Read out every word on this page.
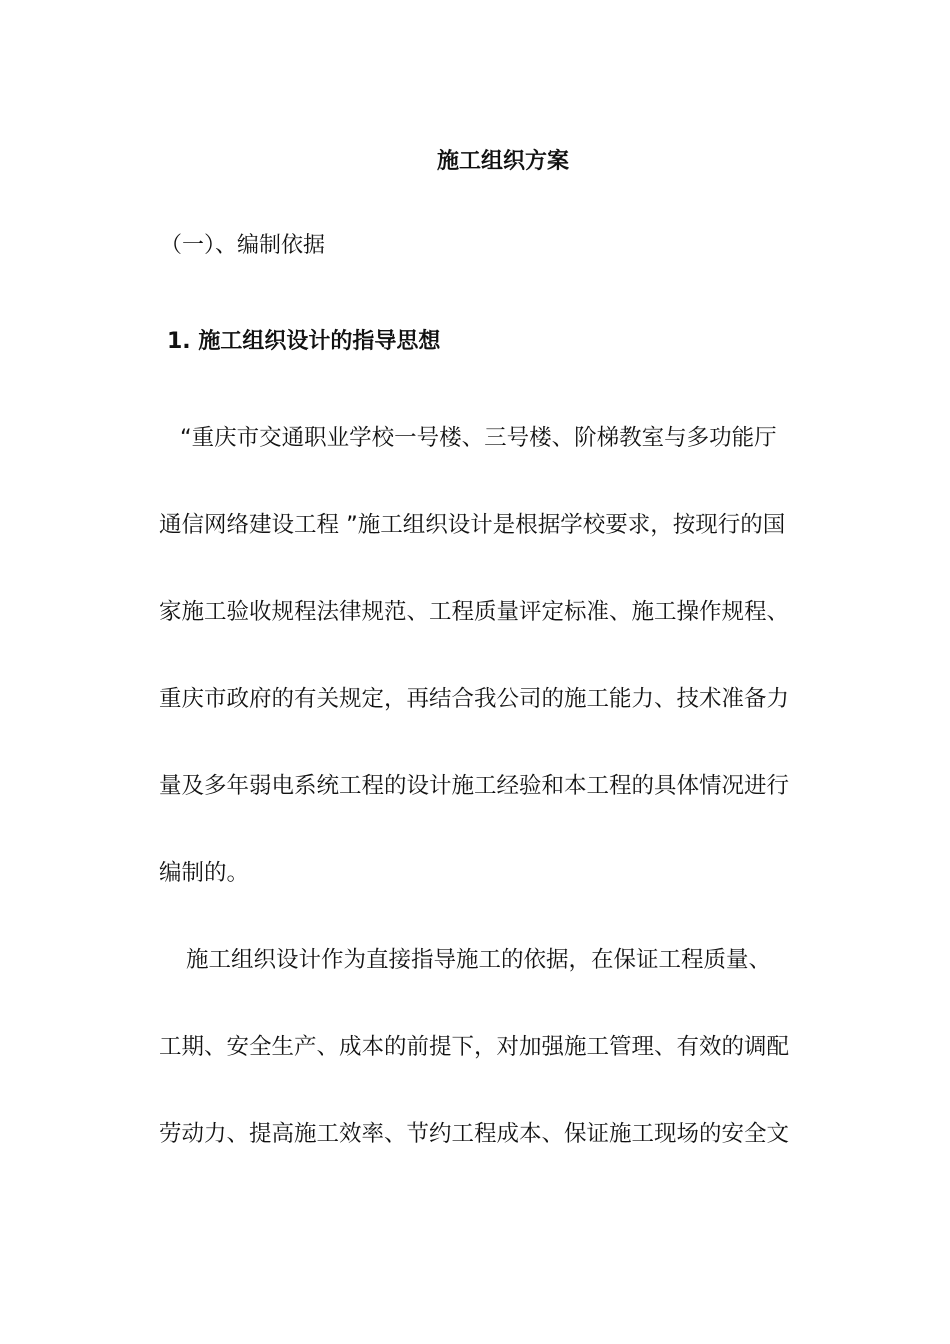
施工组织方案
（一）、编制依据
1. 施工组织设计的指导思想
“重庆市交通职业学校一号楼、三号楼、阶梯教室与多功能厅
通信网络建设工程 ”施工组织设计是根据学校要求，按现行的国
家施工验收规程法律规范、工程质量评定标准、施工操作规程、
重庆市政府的有关规定，再结合我公司的施工能力、技术准备力
量及多年弱电系统工程的设计施工经验和本工程的具体情况进行
编制的。
施工组织设计作为直接指导施工的依据，在保证工程质量、
工期、安全生产、成本的前提下，对加强施工管理、有效的调配
劳动力、提高施工效率、节约工程成本、保证施工现场的安全文
